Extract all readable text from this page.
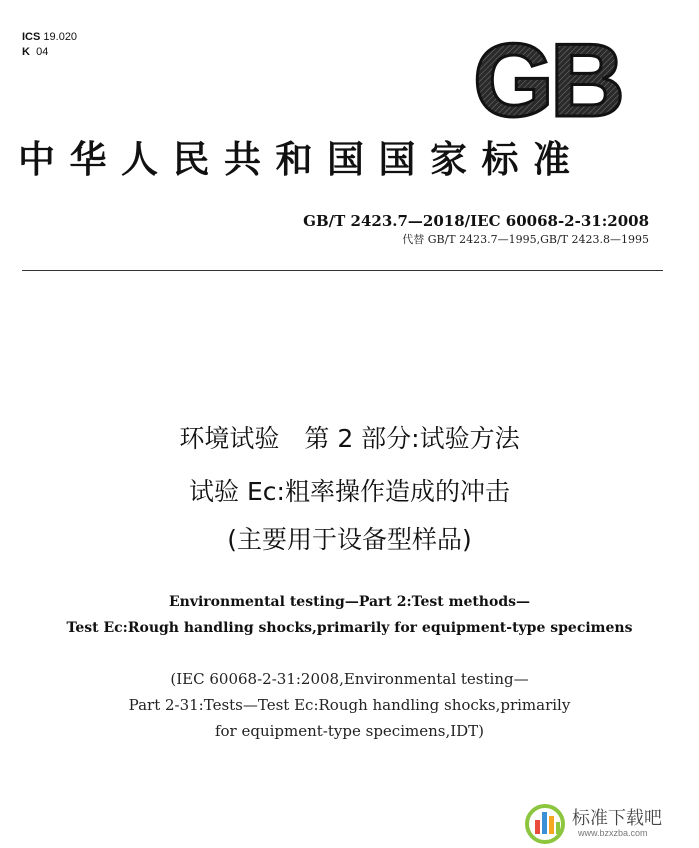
ICS 19.020
K 04	GB
中华人民共和国国家标准
GB/T 2423.7—2018/IEC 60068-2-31:2008
代替 GB/T 2423.7—1995,GB/T 2423.8—1995
环境试验　第 2 部分:试验方法
试验 Ec:粗率操作造成的冲击
(主要用于设备型样品)
Environmental testing—Part 2:Test methods—
Test Ec:Rough handling shocks,primarily for equipment-type specimens
(IEC 60068-2-31:2008,Environmental testing—
Part 2-31:Tests—Test Ec:Rough handling shocks,primarily
for equipment-type specimens,IDT)
标准下载吧
www.bzxzba.com
